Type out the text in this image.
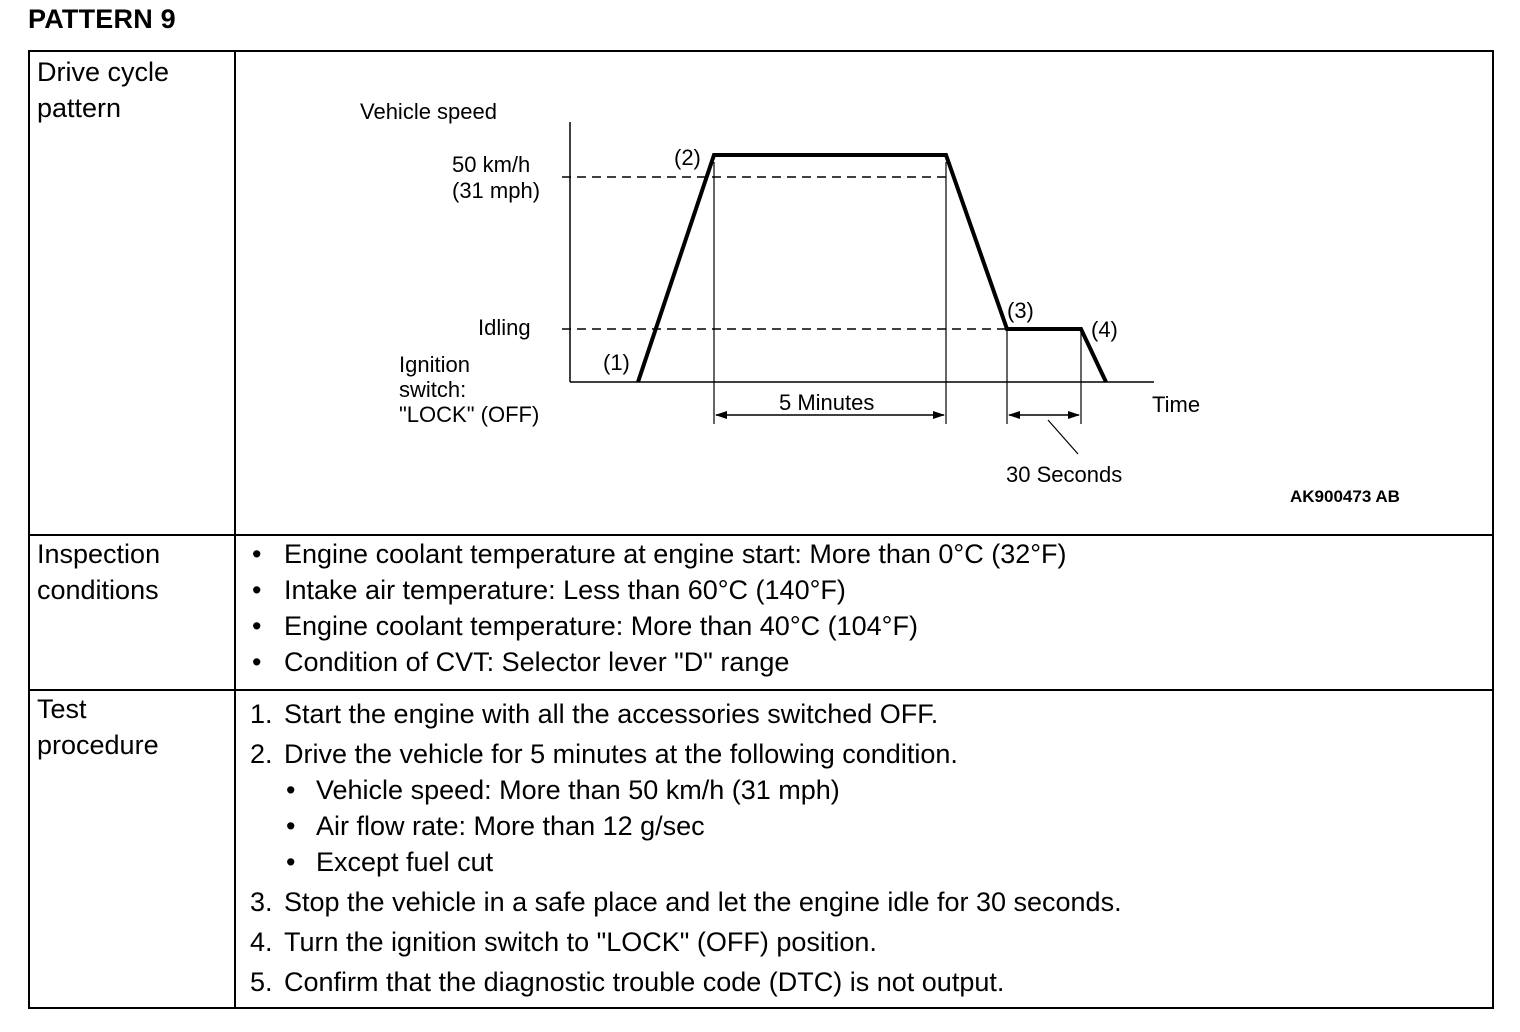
PATTERN 9
Drive cycle
pattern	Vehicle speed
50 km/h
(31 mph)
Idling
Ignition
switch:
"LOCK" (OFF)	Time
5 Minutes
30 Seconds
(1)
(2)
(3)
(4)
AK900473 AB
Inspection
conditions
• Engine coolant temperature at engine start: More than 0°C (32°F)
• Intake air temperature: Less than 60°C (140°F)
• Engine coolant temperature: More than 40°C (104°F)
• Condition of CVT: Selector lever "D" range
Test
procedure
1. Start the engine with all the accessories switched OFF.
2. Drive the vehicle for 5 minutes at the following condition.
• Vehicle speed: More than 50 km/h (31 mph)
• Air flow rate: More than 12 g/sec
• Except fuel cut
3. Stop the vehicle in a safe place and let the engine idle for 30 seconds.
4. Turn the ignition switch to "LOCK" (OFF) position.
5. Confirm that the diagnostic trouble code (DTC) is not output.
